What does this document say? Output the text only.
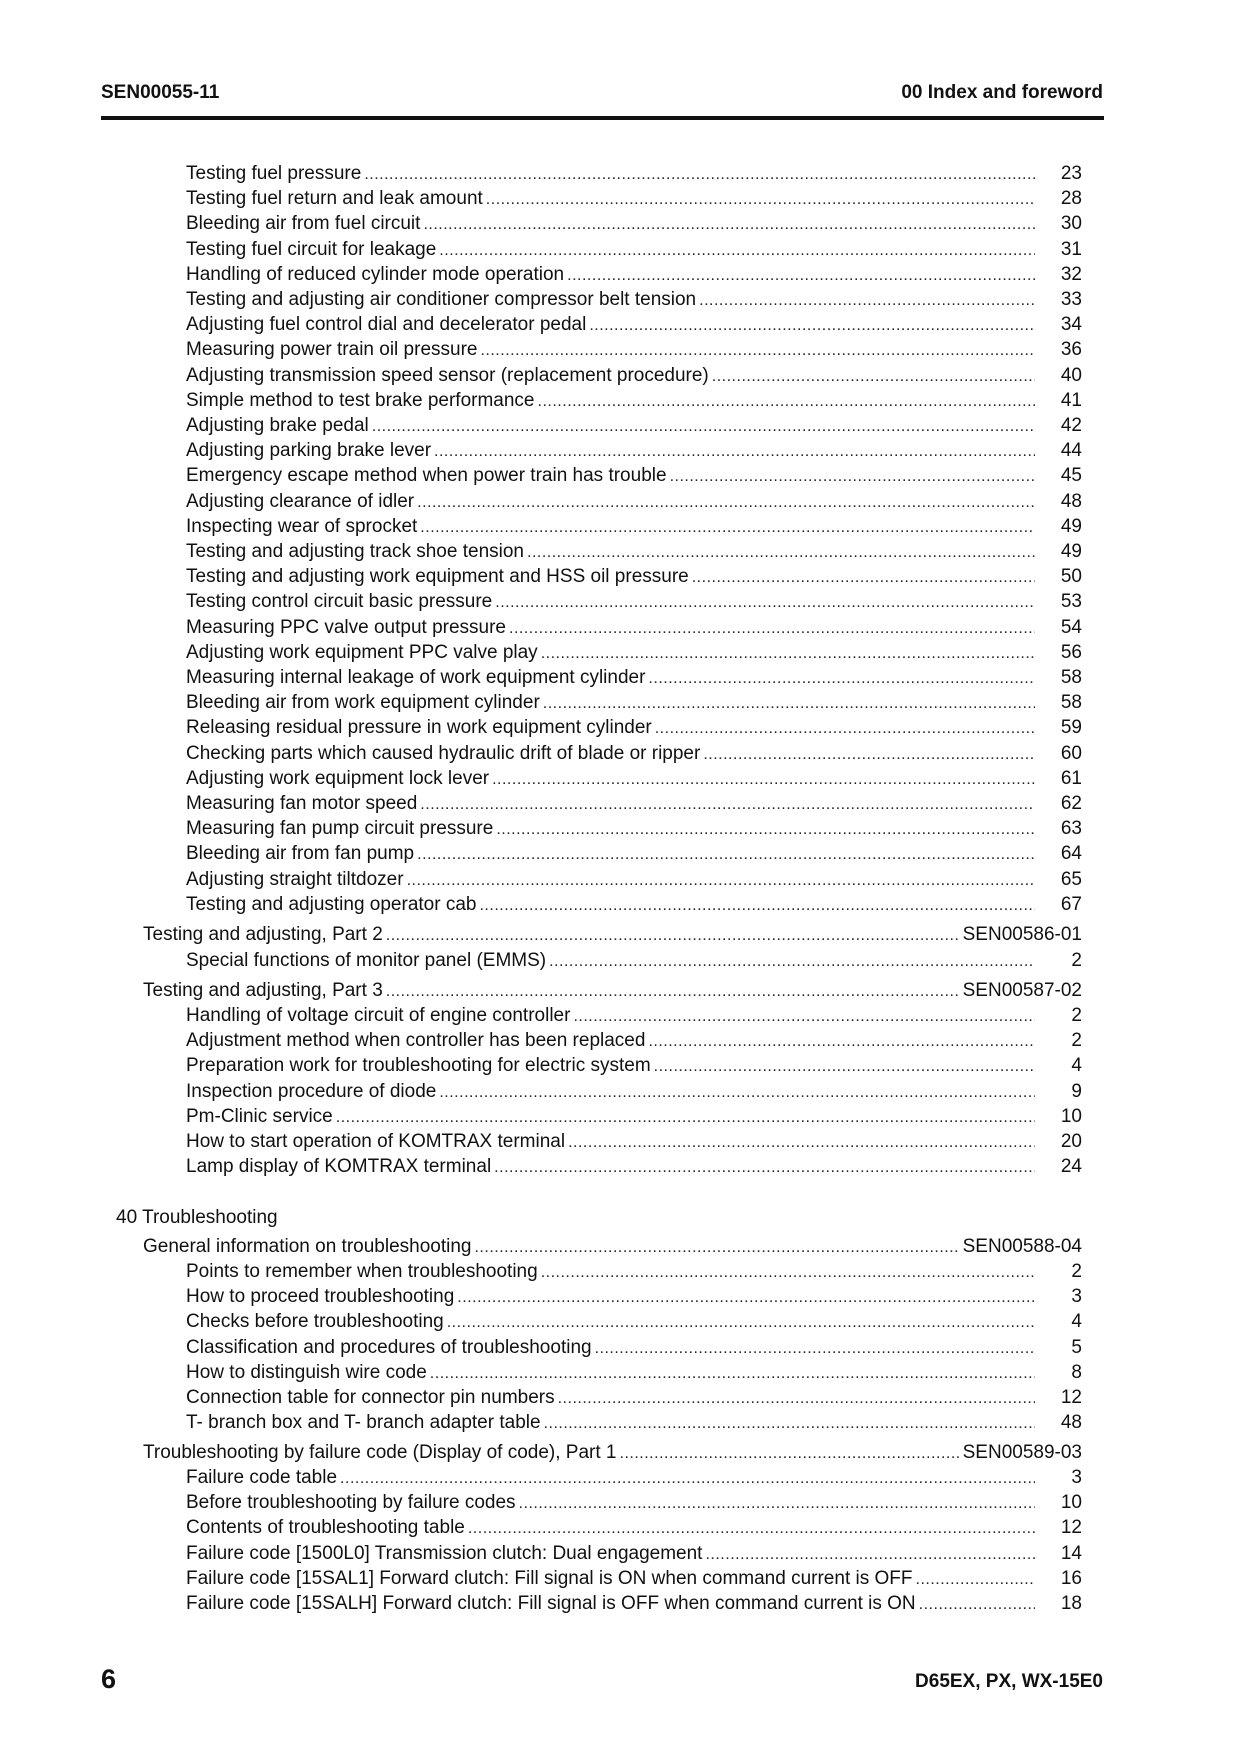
SEN00055-11	00 Index and foreword
Testing fuel pressure .....	23
Testing fuel return and leak amount .....	28
Bleeding air from fuel circuit .....	30
Testing fuel circuit for leakage .....	31
Handling of reduced cylinder mode operation .....	32
Testing and adjusting air conditioner compressor belt tension .....	33
Adjusting fuel control dial and decelerator pedal .....	34
Measuring power train oil pressure .....	36
Adjusting transmission speed sensor (replacement procedure) .....	40
Simple method to test brake performance .....	41
Adjusting brake pedal .....	42
Adjusting parking brake lever .....	44
Emergency escape method when power train has trouble .....	45
Adjusting clearance of idler .....	48
Inspecting wear of sprocket .....	49
Testing and adjusting track shoe tension .....	49
Testing and adjusting work equipment and HSS oil pressure .....	50
Testing control circuit basic pressure .....	53
Measuring PPC valve output pressure .....	54
Adjusting work equipment PPC valve play .....	56
Measuring internal leakage of work equipment cylinder .....	58
Bleeding air from work equipment cylinder .....	58
Releasing residual pressure in work equipment cylinder .....	59
Checking parts which caused hydraulic drift of blade or ripper .....	60
Adjusting work equipment lock lever .....	61
Measuring fan motor speed .....	62
Measuring fan pump circuit pressure .....	63
Bleeding air from fan pump .....	64
Adjusting straight tiltdozer .....	65
Testing and adjusting operator cab .....	67
Testing and adjusting, Part 2 .....	SEN00586-01
Special functions of monitor panel (EMMS) .....	2
Testing and adjusting, Part 3 .....	SEN00587-02
Handling of voltage circuit of engine controller .....	2
Adjustment method when controller has been replaced .....	2
Preparation work for troubleshooting for electric system .....	4
Inspection procedure of diode .....	9
Pm-Clinic service .....	10
How to start operation of KOMTRAX terminal .....	20
Lamp display of KOMTRAX terminal .....	24
40 Troubleshooting
General information on troubleshooting .....	SEN00588-04
Points to remember when troubleshooting .....	2
How to proceed troubleshooting .....	3
Checks before troubleshooting .....	4
Classification and procedures of troubleshooting .....	5
How to distinguish wire code .....	8
Connection table for connector pin numbers .....	12
T- branch box and T- branch adapter table .....	48
Troubleshooting by failure code (Display of code), Part 1 .....	SEN00589-03
Failure code table .....	3
Before troubleshooting by failure codes .....	10
Contents of troubleshooting table .....	12
Failure code [1500L0] Transmission clutch: Dual engagement .....	14
Failure code [15SAL1] Forward clutch: Fill signal is ON when command current is OFF .....	16
Failure code [15SALH] Forward clutch: Fill signal is OFF when command current is ON .....	18
6	D65EX, PX, WX-15E0
